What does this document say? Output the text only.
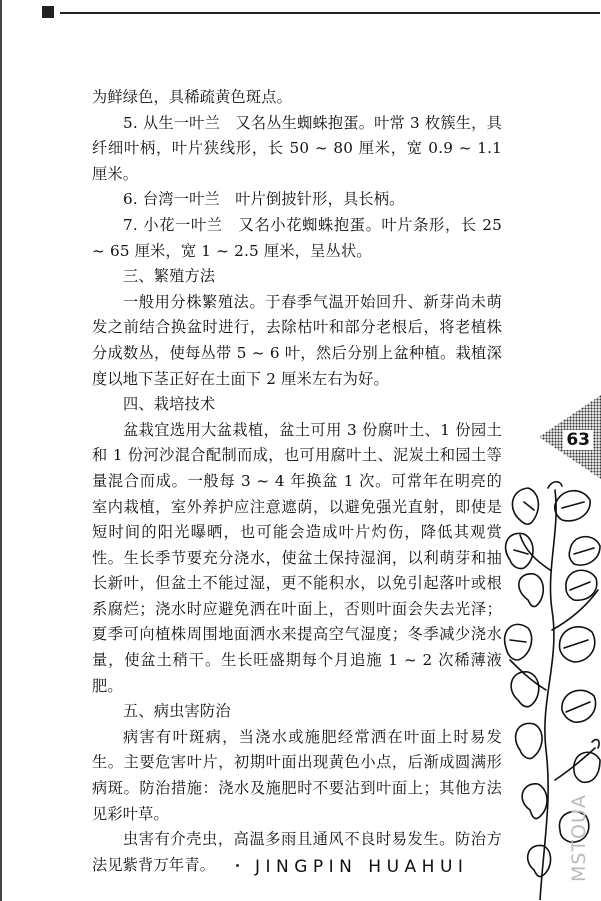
为鲜绿色，具稀疏黄色斑点。

5. 从生一叶兰　又名丛生蜘蛛抱蛋。叶常 3 枚簇生，具纤细叶柄，叶片狭线形，长 50 ~ 80 厘米，宽 0.9 ~ 1.1 厘米。

6. 台湾一叶兰　叶片倒披针形，具长柄。

7. 小花一叶兰　又名小花蜘蛛抱蛋。叶片条形，长 25 ~ 65 厘米，宽 1 ~ 2.5 厘米，呈丛状。

三、繁殖方法

一般用分株繁殖法。于春季气温开始回升、新芽尚未萌发之前结合换盆时进行，去除枯叶和部分老根后，将老植株分成数丛，使每丛带 5 ~ 6 叶，然后分别上盆种植。栽植深度以地下茎正好在土面下 2 厘米左右为好。

四、栽培技术

盆栽宜选用大盆栽植，盆土可用 3 份腐叶土、1 份园土和 1 份河沙混合配制而成，也可用腐叶土、泥炭土和园土等量混合而成。一般每 3 ~ 4 年换盆 1 次。可常年在明亮的室内栽植，室外养护应注意遮荫，以避免强光直射，即使是短时间的阳光曝晒，也可能会造成叶片灼伤，降低其观赏性。生长季节要充分浇水，使盆土保持湿润，以利萌芽和抽长新叶，但盆土不能过湿，更不能积水，以免引起落叶或根系腐烂；浇水时应避免洒在叶面上，否则叶面会失去光泽；夏季可向植株周围地面洒水来提高空气湿度；冬季减少浇水量，使盆土稍干。生长旺盛期每个月追施 1 ~ 2 次稀薄液肥。

五、病虫害防治

病害有叶斑病，当浇水或施肥经常洒在叶面上时易发生。主要危害叶片，初期叶面出现黄色小点，后渐成圆满形病斑。防治措施：浇水及施肥时不要沾到叶面上；其他方法见彩叶草。

虫害有介壳虫，高温多雨且通风不良时易发生。防治方法见紫背万年青。

63
JINGPIN HUAHUI	MSTOUA
